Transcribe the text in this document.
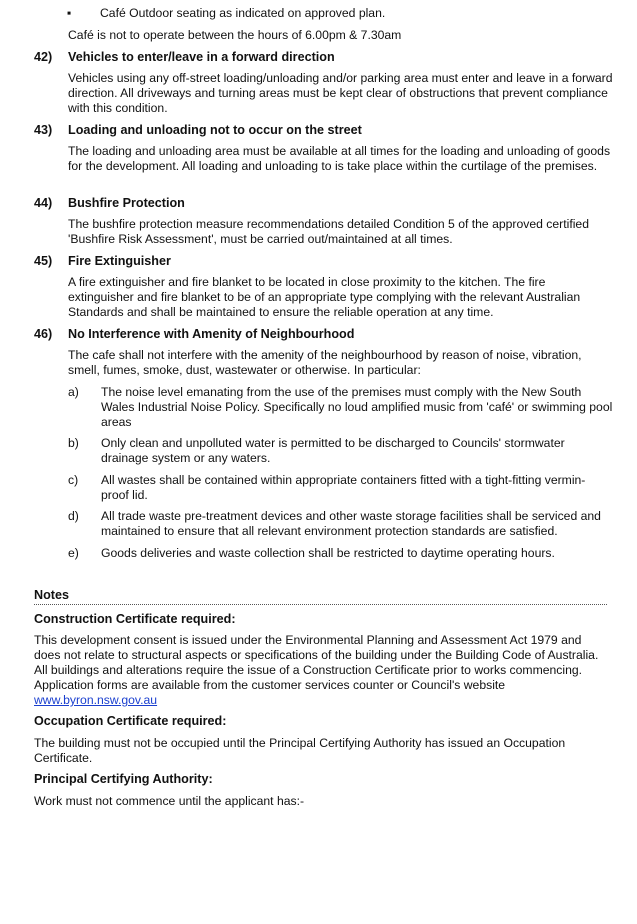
▪ Café Outdoor seating as indicated on approved plan.
Café is not to operate between the hours of 6.00pm & 7.30am
42) Vehicles to enter/leave in a forward direction
Vehicles using any off-street loading/unloading and/or parking area must enter and leave in a forward direction. All driveways and turning areas must be kept clear of obstructions that prevent compliance with this condition.
43) Loading and unloading not to occur on the street
The loading and unloading area must be available at all times for the loading and unloading of goods for the development. All loading and unloading to is take place within the curtilage of the premises.
44) Bushfire Protection
The bushfire protection measure recommendations detailed Condition 5 of the approved certified 'Bushfire Risk Assessment', must be carried out/maintained at all times.
45) Fire Extinguisher
A fire extinguisher and fire blanket to be located in close proximity to the kitchen. The fire extinguisher and fire blanket to be of an appropriate type complying with the relevant Australian Standards and shall be maintained to ensure the reliable operation at any time.
46) No Interference with Amenity of Neighbourhood
The cafe shall not interfere with the amenity of the neighbourhood by reason of noise, vibration, smell, fumes, smoke, dust, wastewater or otherwise. In particular:
a) The noise level emanating from the use of the premises must comply with the New South Wales Industrial Noise Policy. Specifically no loud amplified music from 'café' or swimming pool areas
b) Only clean and unpolluted water is permitted to be discharged to Councils' stormwater drainage system or any waters.
c) All wastes shall be contained within appropriate containers fitted with a tight-fitting vermin-proof lid.
d) All trade waste pre-treatment devices and other waste storage facilities shall be serviced and maintained to ensure that all relevant environment protection standards are satisfied.
e) Goods deliveries and waste collection shall be restricted to daytime operating hours.
Notes
Construction Certificate required:
This development consent is issued under the Environmental Planning and Assessment Act 1979 and does not relate to structural aspects or specifications of the building under the Building Code of Australia. All buildings and alterations require the issue of a Construction Certificate prior to works commencing. Application forms are available from the customer services counter or Council's website www.byron.nsw.gov.au
Occupation Certificate required:
The building must not be occupied until the Principal Certifying Authority has issued an Occupation Certificate.
Principal Certifying Authority:
Work must not commence until the applicant has:-
